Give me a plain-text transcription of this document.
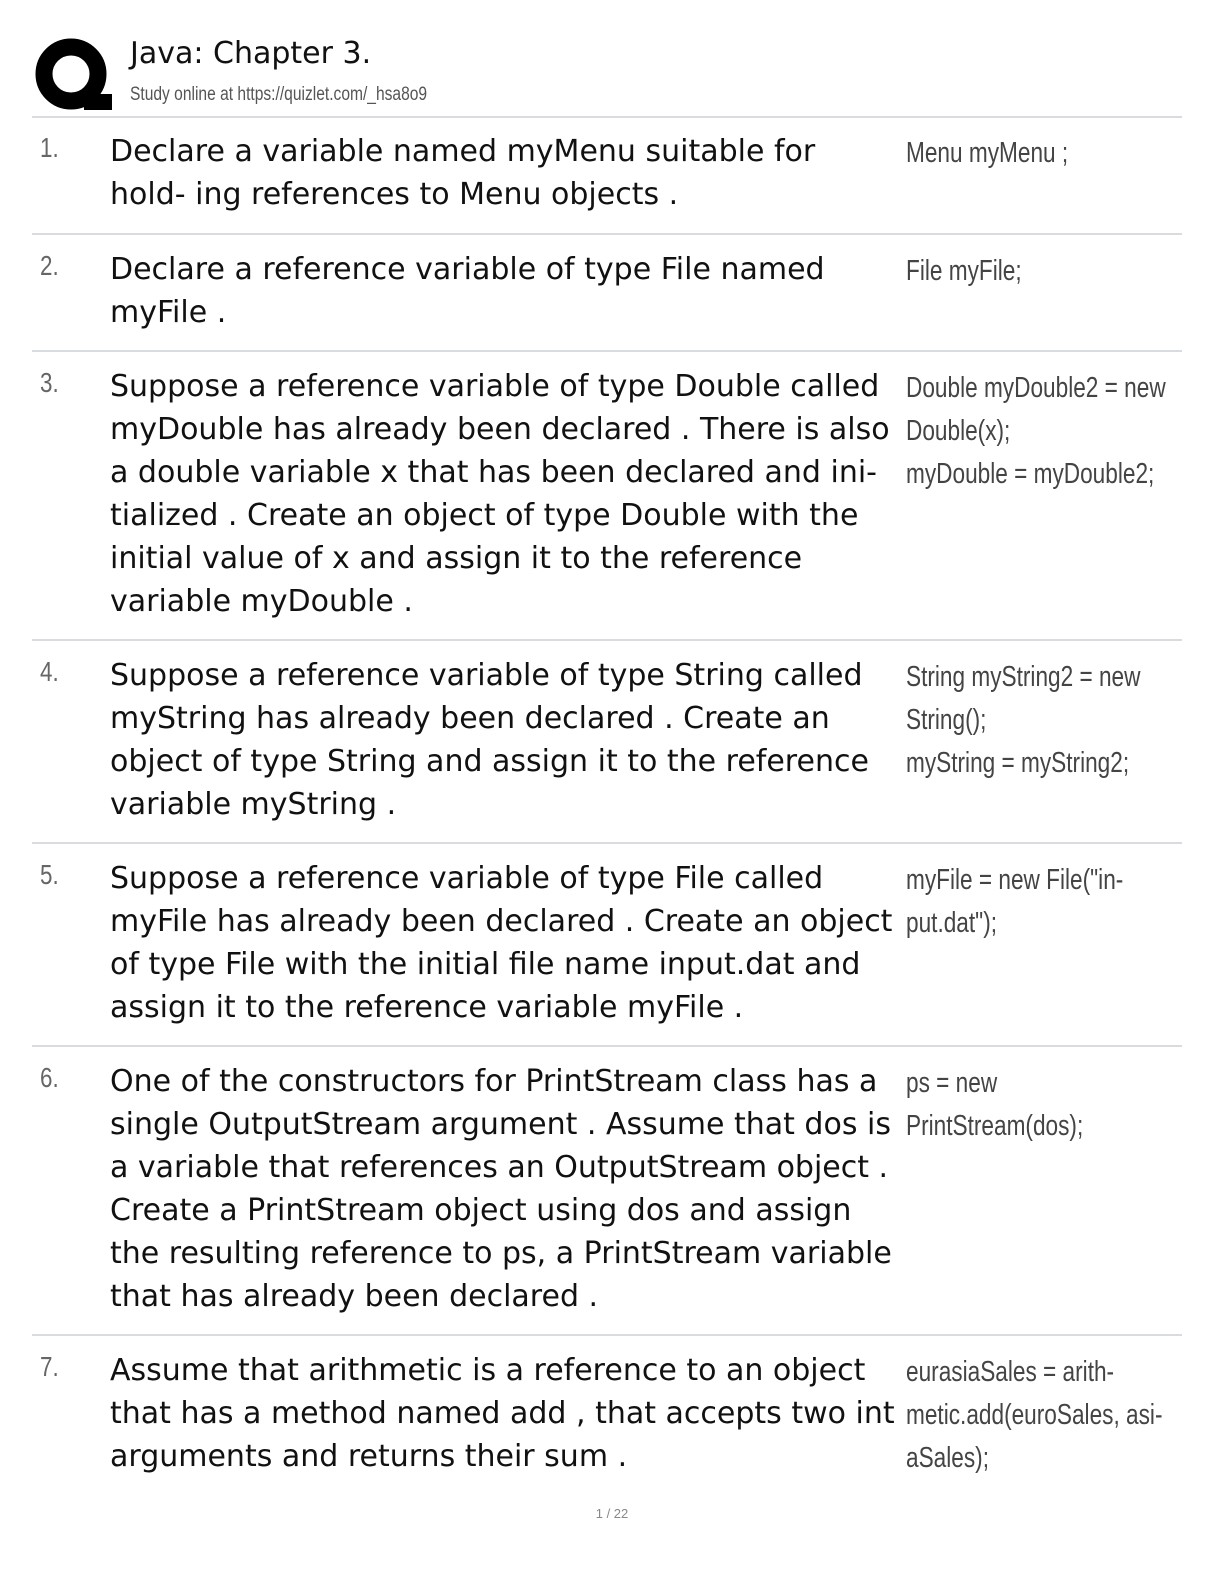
Java: Chapter 3.
Study online at https://quizlet.com/_hsa8o9
1. Declare a variable named myMenu suitable for hold- ing references to Menu objects .
Menu myMenu ;
2. Declare a reference variable of type File named myFile .
File myFile;
3. Suppose a reference variable of type Double called myDouble has already been declared . There is also a double variable x that has been declared and ini- tialized . Create an object of type Double with the initial value of x and assign it to the reference variable myDouble .
Double myDouble2 = new Double(x);
myDouble = myDouble2;
4. Suppose a reference variable of type String called myString has already been declared . Create an object of type String and assign it to the reference variable myString .
String myString2 = new String();
myString = myString2;
5. Suppose a reference variable of type File called myFile has already been declared . Create an object of type File with the initial file name input.dat and assign it to the reference variable myFile .
myFile = new File("in- put.dat");
6. One of the constructors for PrintStream class has a single OutputStream argument . Assume that dos is a variable that references an OutputStream object . Create a PrintStream object using dos and assign the resulting reference to ps, a PrintStream variable that has already been declared .
ps = new PrintStream(dos);
7. Assume that arithmetic is a reference to an object that has a method named add , that accepts two int arguments and returns their sum .
eurasiaSales = arith- metic.add(euroSales, asi- aSales);
1 / 22
